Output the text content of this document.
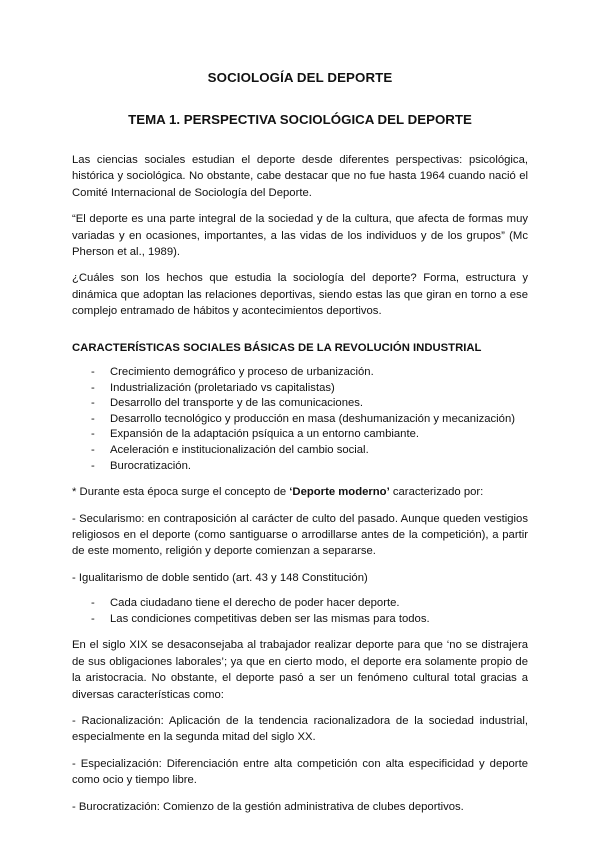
SOCIOLOGÍA DEL DEPORTE
TEMA 1. PERSPECTIVA SOCIOLÓGICA DEL DEPORTE

Las ciencias sociales estudian el deporte desde diferentes perspectivas: psicológica, histórica y sociológica. No obstante, cabe destacar que no fue hasta 1964 cuando nació el Comité Internacional de Sociología del Deporte.

“El deporte es una parte integral de la sociedad y de la cultura, que afecta de formas muy variadas y en ocasiones, importantes, a las vidas de los individuos y de los grupos” (Mc Pherson et al., 1989).

¿Cuáles son los hechos que estudia la sociología del deporte? Forma, estructura y dinámica que adoptan las relaciones deportivas, siendo estas las que giran en torno a ese complejo entramado de hábitos y acontecimientos deportivos.

CARACTERÍSTICAS SOCIALES BÁSICAS DE LA REVOLUCIÓN INDUSTRIAL
- Crecimiento demográfico y proceso de urbanización.
- Industrialización (proletariado vs capitalistas)
- Desarrollo del transporte y de las comunicaciones.
- Desarrollo tecnológico y producción en masa (deshumanización y mecanización)
- Expansión de la adaptación psíquica a un entorno cambiante.
- Aceleración e institucionalización del cambio social.
- Burocratización.

* Durante esta época surge el concepto de ‘Deporte moderno’ caracterizado por:

- Secularismo: en contraposición al carácter de culto del pasado. Aunque queden vestigios religiosos en el deporte (como santiguarse o arrodillarse antes de la competición), a partir de este momento, religión y deporte comienzan a separarse.

- Igualitarismo de doble sentido (art. 43 y 148 Constitución)

- Cada ciudadano tiene el derecho de poder hacer deporte.
- Las condiciones competitivas deben ser las mismas para todos.

En el siglo XIX se desaconsejaba al trabajador realizar deporte para que ‘no se distrajera de sus obligaciones laborales’; ya que en cierto modo, el deporte era solamente propio de la aristocracia. No obstante, el deporte pasó a ser un fenómeno cultural total gracias a diversas características como:

- Racionalización: Aplicación de la tendencia racionalizadora de la sociedad industrial, especialmente en la segunda mitad del siglo XX.

- Especialización: Diferenciación entre alta competición con alta especificidad y deporte como ocio y tiempo libre.

- Burocratización: Comienzo de la gestión administrativa de clubes deportivos.
